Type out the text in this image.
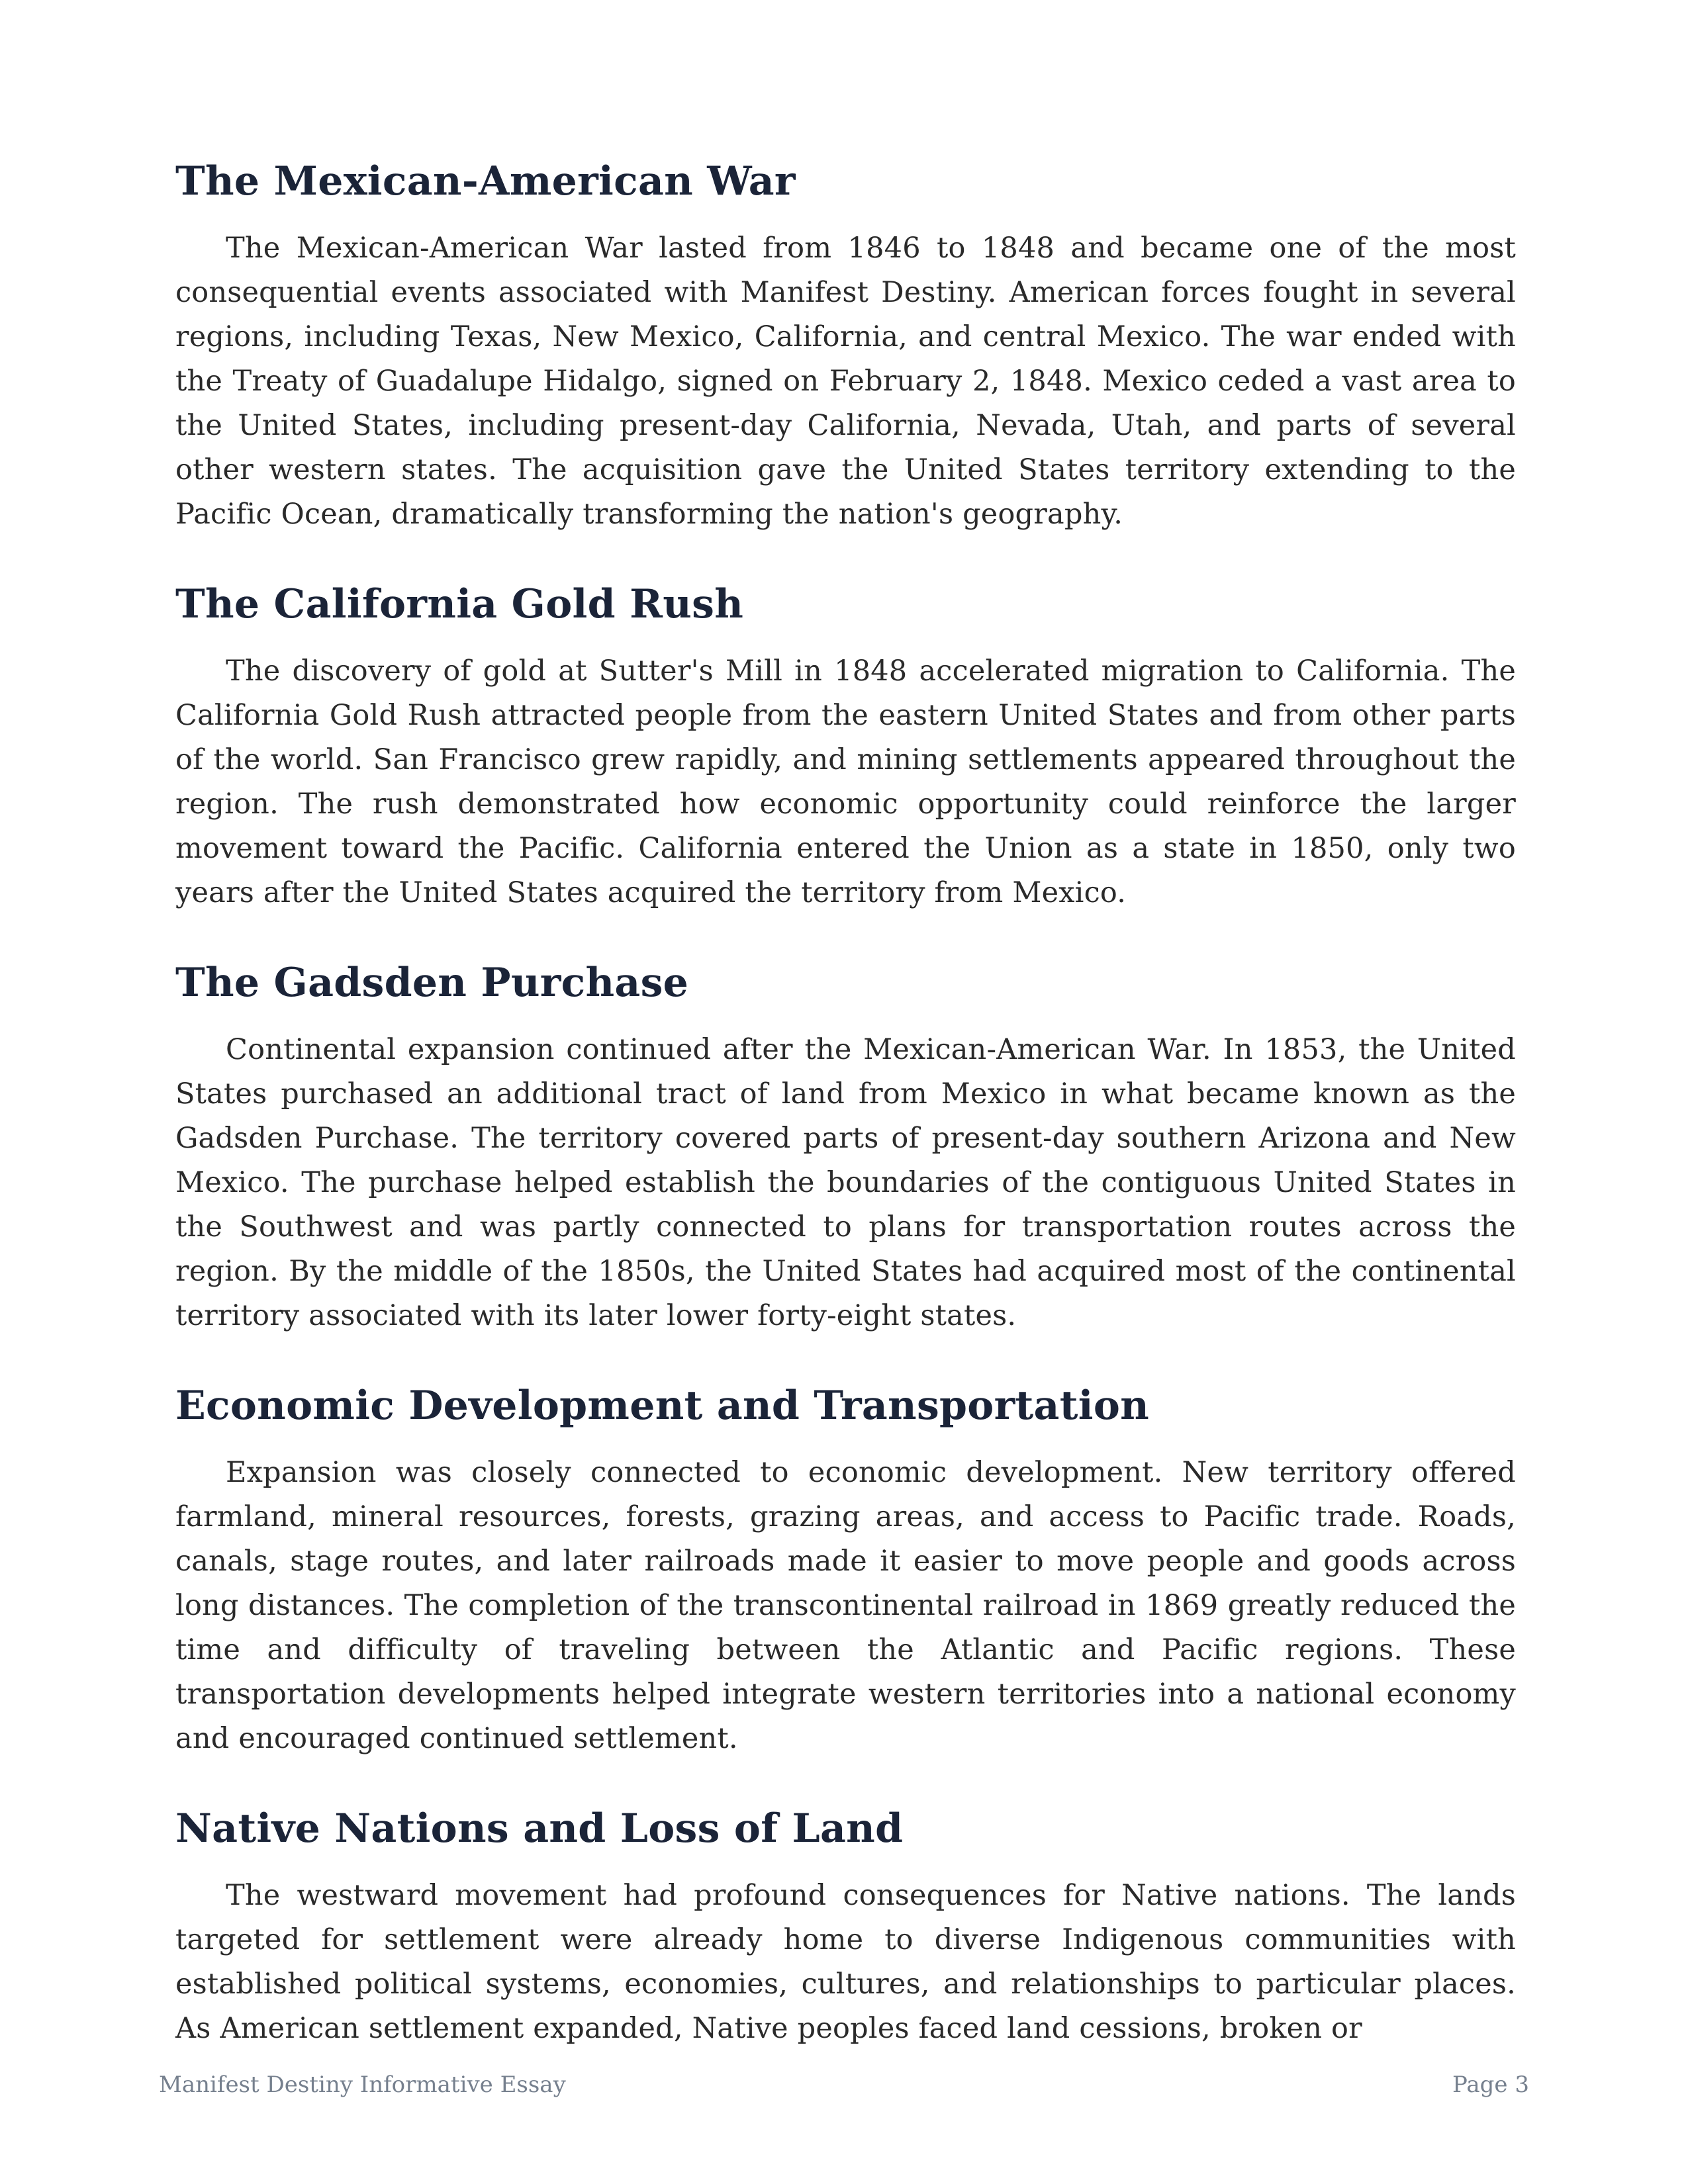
The Mexican-American War

The Mexican-American War lasted from 1846 to 1848 and became one of the most consequential events associated with Manifest Destiny. American forces fought in several regions, including Texas, New Mexico, California, and central Mexico. The war ended with the Treaty of Guadalupe Hidalgo, signed on February 2, 1848. Mexico ceded a vast area to the United States, including present-day California, Nevada, Utah, and parts of several other western states. The acquisition gave the United States territory extending to the Pacific Ocean, dramatically transforming the nation's geography.

The California Gold Rush

The discovery of gold at Sutter's Mill in 1848 accelerated migration to California. The California Gold Rush attracted people from the eastern United States and from other parts of the world. San Francisco grew rapidly, and mining settlements appeared throughout the region. The rush demonstrated how economic opportunity could reinforce the larger movement toward the Pacific. California entered the Union as a state in 1850, only two years after the United States acquired the territory from Mexico.

The Gadsden Purchase

Continental expansion continued after the Mexican-American War. In 1853, the United States purchased an additional tract of land from Mexico in what became known as the Gadsden Purchase. The territory covered parts of present-day southern Arizona and New Mexico. The purchase helped establish the boundaries of the contiguous United States in the Southwest and was partly connected to plans for transportation routes across the region. By the middle of the 1850s, the United States had acquired most of the continental territory associated with its later lower forty-eight states.

Economic Development and Transportation

Expansion was closely connected to economic development. New territory offered farmland, mineral resources, forests, grazing areas, and access to Pacific trade. Roads, canals, stage routes, and later railroads made it easier to move people and goods across long distances. The completion of the transcontinental railroad in 1869 greatly reduced the time and difficulty of traveling between the Atlantic and Pacific regions. These transportation developments helped integrate western territories into a national economy and encouraged continued settlement.

Native Nations and Loss of Land

The westward movement had profound consequences for Native nations. The lands targeted for settlement were already home to diverse Indigenous communities with established political systems, economies, cultures, and relationships to particular places. As American settlement expanded, Native peoples faced land cessions, broken or

Manifest Destiny Informative Essay	Page 3
